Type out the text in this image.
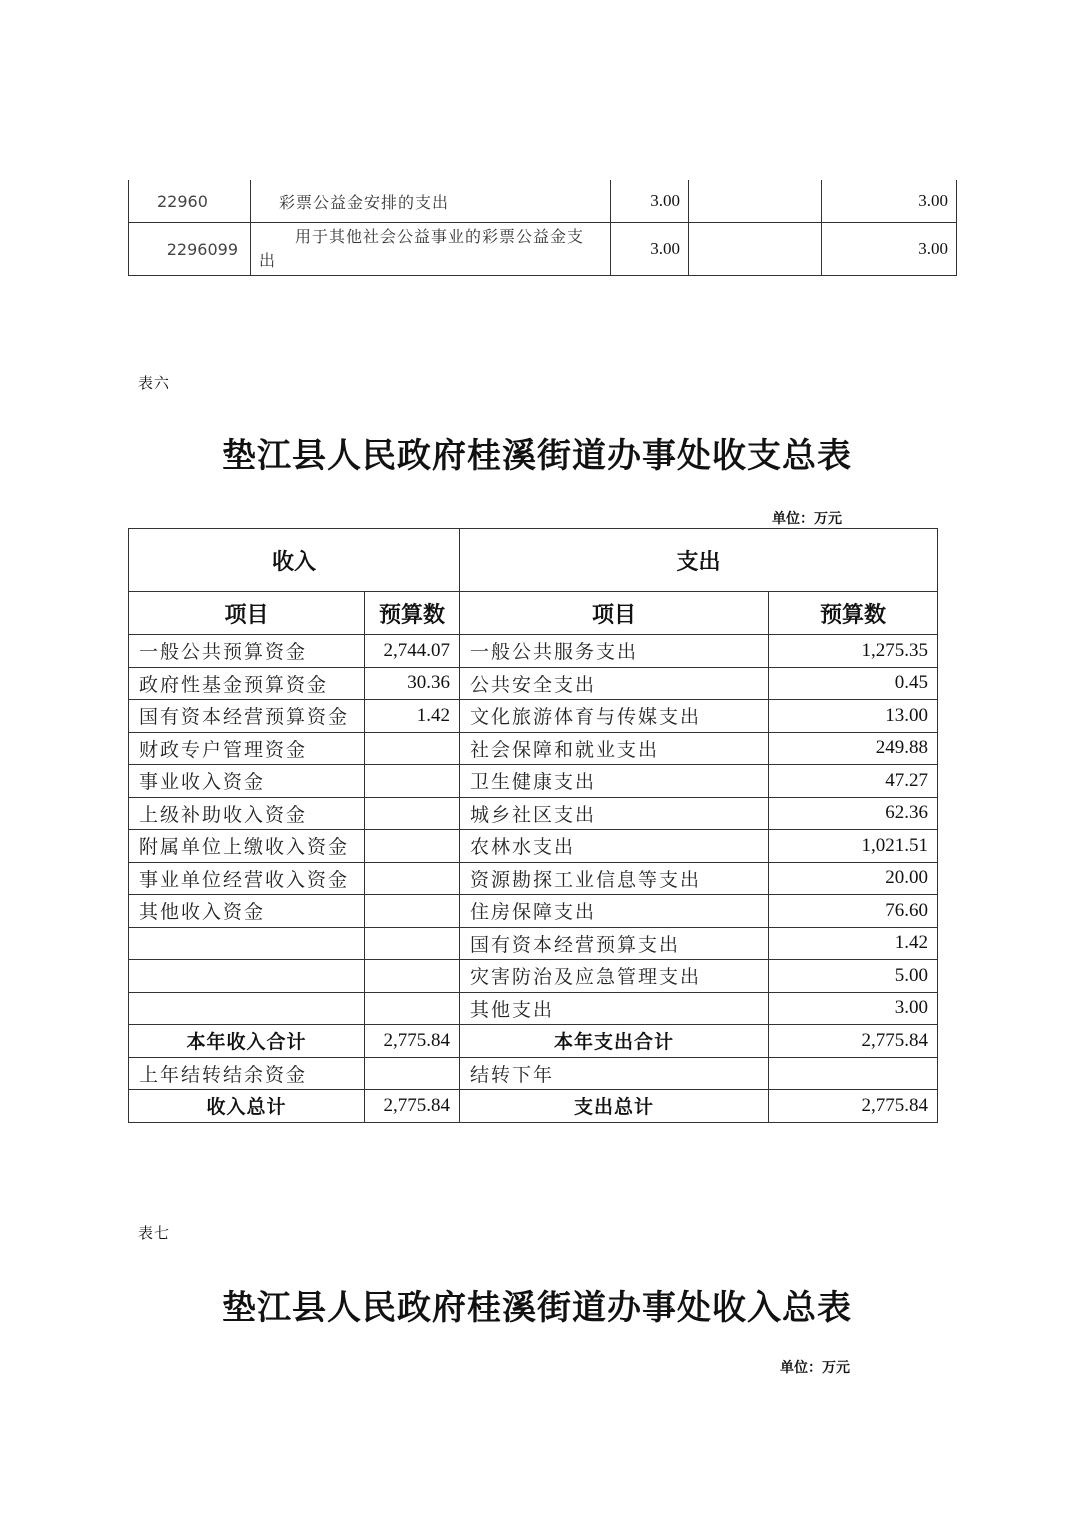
22960	彩票公益金安排的支出	3.00		3.00
2296099	用于其他社会公益事业的彩票公益金支出	3.00		3.00
表六
垫江县人民政府桂溪街道办事处收支总表
单位：万元
收入		支出	
项目	预算数	项目	预算数
一般公共预算资金	2,744.07	一般公共服务支出	1,275.35
政府性基金预算资金	30.36	公共安全支出	0.45
国有资本经营预算资金	1.42	文化旅游体育与传媒支出	13.00
财政专户管理资金		社会保障和就业支出	249.88
事业收入资金		卫生健康支出	47.27
上级补助收入资金		城乡社区支出	62.36
附属单位上缴收入资金		农林水支出	1,021.51
事业单位经营收入资金		资源勘探工业信息等支出	20.00
其他收入资金		住房保障支出	76.60
		国有资本经营预算支出	1.42
		灾害防治及应急管理支出	5.00
		其他支出	3.00
本年收入合计	2,775.84	本年支出合计	2,775.84
上年结转结余资金		结转下年	
收入总计	2,775.84	支出总计	2,775.84
表七
垫江县人民政府桂溪街道办事处收入总表
单位：万元
